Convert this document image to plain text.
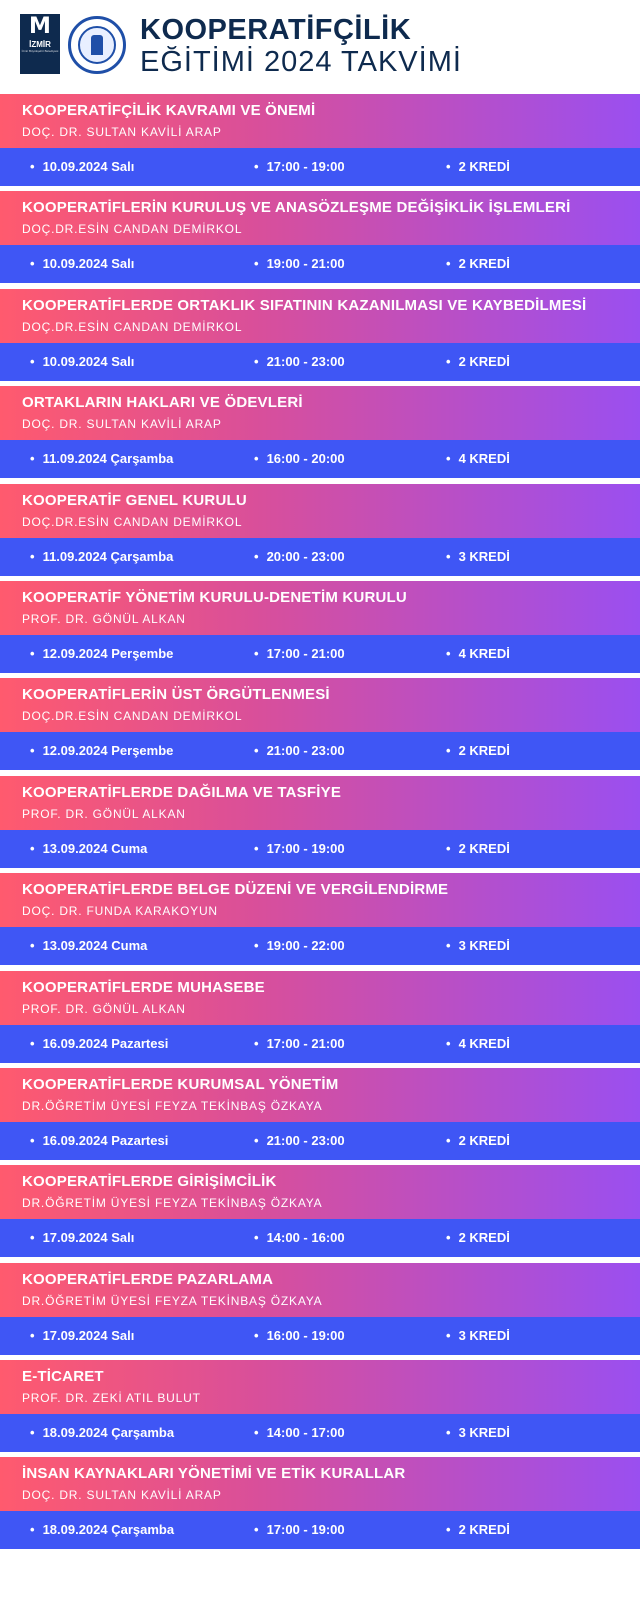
M
İZMİR
İzmir Büyükşehir Belediyesi
KOOPERATİFÇİLİK
EĞİTİMİ 2024 TAKVİMİ
KOOPERATİFÇİLİK KAVRAMI VE ÖNEMİ
DOÇ. DR. SULTAN KAVİLİ ARAP
• 10.09.2024 Salı	• 17:00 - 19:00	• 2 KREDİ
KOOPERATİFLERİN KURULUŞ VE ANASÖZLEŞME DEĞİŞİKLİK İŞLEMLERİ
DOÇ.DR.ESİN CANDAN DEMİRKOL
• 10.09.2024 Salı	• 19:00 - 21:00	• 2 KREDİ
KOOPERATİFLERDE ORTAKLIK SIFATININ KAZANILMASI VE KAYBEDİLMESİ
DOÇ.DR.ESİN CANDAN DEMİRKOL
• 10.09.2024 Salı	• 21:00 - 23:00	• 2 KREDİ
ORTAKLARIN HAKLARI VE ÖDEVLERİ
DOÇ. DR. SULTAN KAVİLİ ARAP
• 11.09.2024 Çarşamba	• 16:00 - 20:00	• 4 KREDİ
KOOPERATİF GENEL KURULU
DOÇ.DR.ESİN CANDAN DEMİRKOL
• 11.09.2024 Çarşamba	• 20:00 - 23:00	• 3 KREDİ
KOOPERATİF YÖNETİM KURULU-DENETİM KURULU
PROF. DR. GÖNÜL ALKAN
• 12.09.2024 Perşembe	• 17:00 - 21:00	• 4 KREDİ
KOOPERATİFLERİN ÜST ÖRGÜTLENMESİ
DOÇ.DR.ESİN CANDAN DEMİRKOL
• 12.09.2024 Perşembe	• 21:00 - 23:00	• 2 KREDİ
KOOPERATİFLERDE DAĞILMA VE TASFİYE
PROF. DR. GÖNÜL ALKAN
• 13.09.2024 Cuma	• 17:00 - 19:00	• 2 KREDİ
KOOPERATİFLERDE BELGE DÜZENİ VE VERGİLENDİRME
DOÇ. DR. FUNDA KARAKOYUN
• 13.09.2024 Cuma	• 19:00 - 22:00	• 3 KREDİ
KOOPERATİFLERDE MUHASEBE
PROF. DR. GÖNÜL ALKAN
• 16.09.2024 Pazartesi	• 17:00 - 21:00	• 4 KREDİ
KOOPERATİFLERDE KURUMSAL YÖNETİM
DR.ÖĞRETİM ÜYESİ FEYZA TEKİNBAŞ ÖZKAYA
• 16.09.2024 Pazartesi	• 21:00 - 23:00	• 2 KREDİ
KOOPERATİFLERDE GİRİŞİMCİLİK
DR.ÖĞRETİM ÜYESİ FEYZA TEKİNBAŞ ÖZKAYA
• 17.09.2024 Salı	• 14:00 - 16:00	• 2 KREDİ
KOOPERATİFLERDE PAZARLAMA
DR.ÖĞRETİM ÜYESİ FEYZA TEKİNBAŞ ÖZKAYA
• 17.09.2024 Salı	• 16:00 - 19:00	• 3 KREDİ
E-TİCARET
PROF. DR. ZEKİ ATIL BULUT
• 18.09.2024 Çarşamba	• 14:00 - 17:00	• 3 KREDİ
İNSAN KAYNAKLARI YÖNETİMİ VE ETİK KURALLAR
DOÇ. DR. SULTAN KAVİLİ ARAP
• 18.09.2024 Çarşamba	• 17:00 - 19:00	• 2 KREDİ
